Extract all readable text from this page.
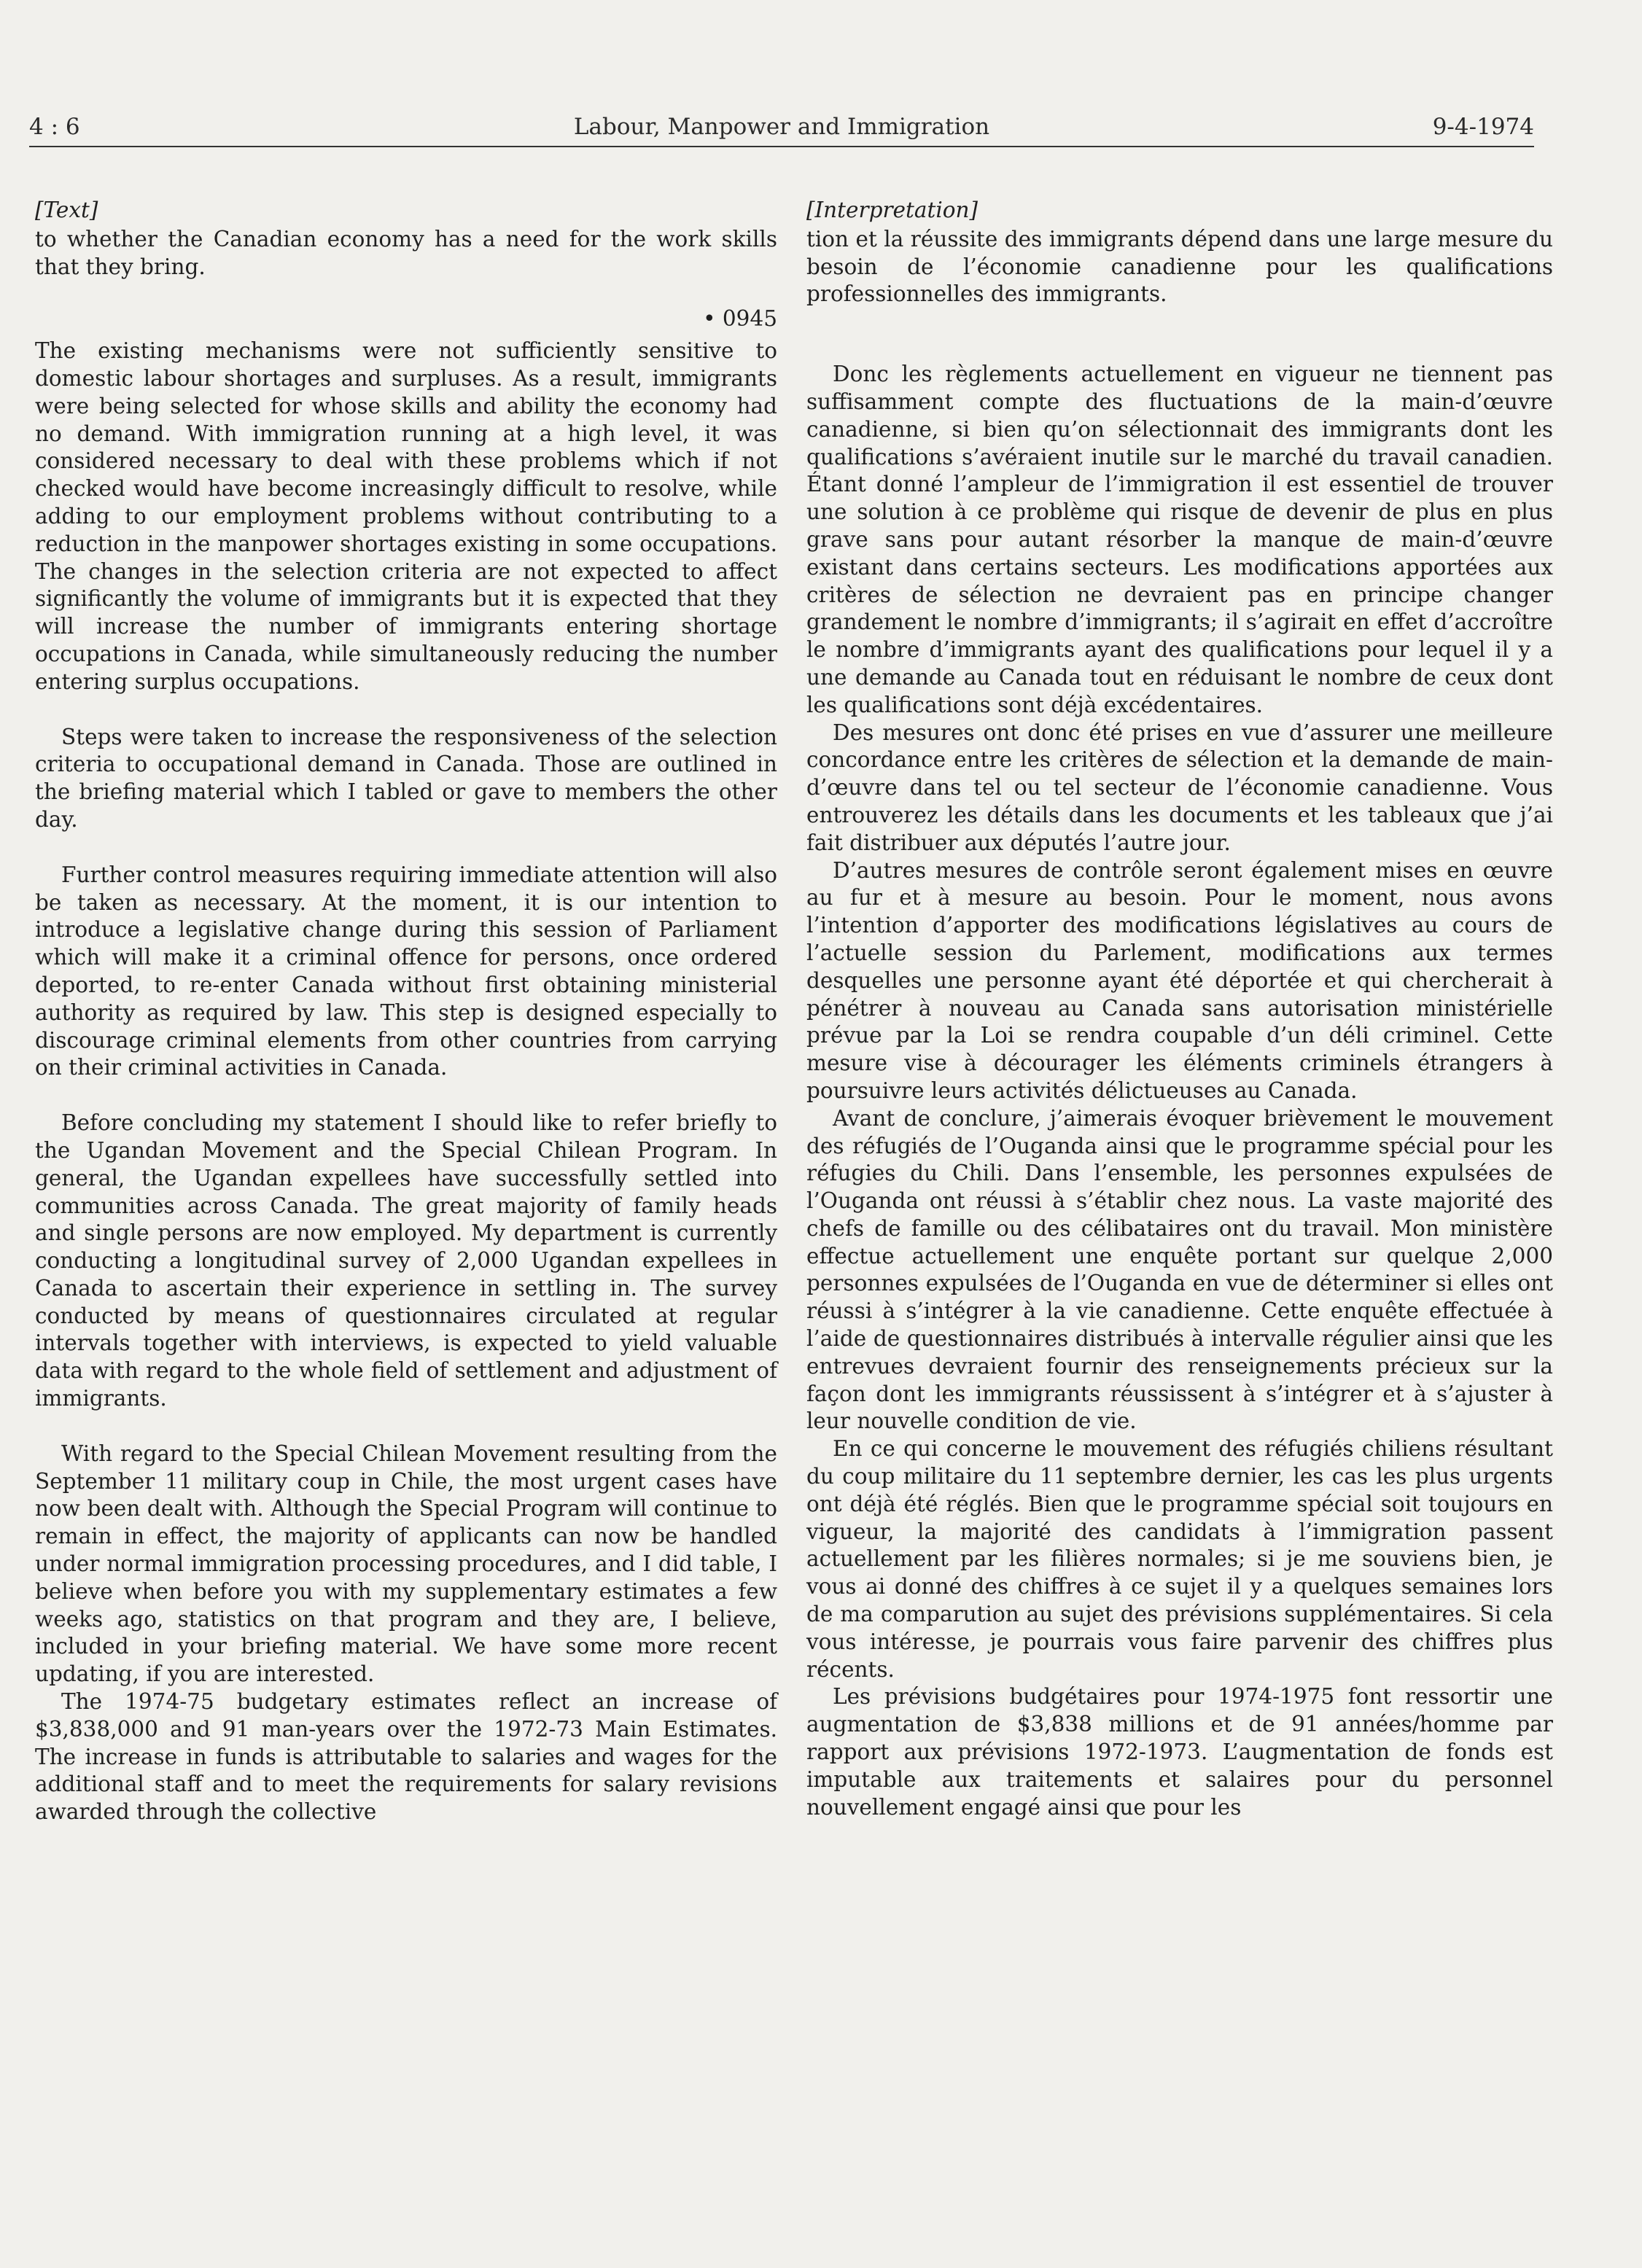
4 : 6	Labour, Manpower and Immigration	9-4-1974
[Text]

to whether the Canadian economy has a need for the work skills that they bring.

• 0945

The existing mechanisms were not sufficiently sensitive to domestic labour shortages and surpluses. As a result, immigrants were being selected for whose skills and ability the economy had no demand. With immigration running at a high level, it was considered necessary to deal with these problems which if not checked would have become increasingly difficult to resolve, while adding to our employment problems without contributing to a reduction in the manpower shortages existing in some occupations. The changes in the selection criteria are not expected to affect significantly the volume of immigrants but it is expected that they will increase the number of immigrants entering shortage occupations in Canada, while simultaneously reducing the number entering surplus occupations.

Steps were taken to increase the responsiveness of the selection criteria to occupational demand in Canada. Those are outlined in the briefing material which I tabled or gave to members the other day.

Further control measures requiring immediate attention will also be taken as necessary. At the moment, it is our intention to introduce a legislative change during this session of Parliament which will make it a criminal offence for persons, once ordered deported, to re-enter Canada without first obtaining ministerial authority as required by law. This step is designed especially to discourage criminal elements from other countries from carrying on their criminal activities in Canada.

Before concluding my statement I should like to refer briefly to the Ugandan Movement and the Special Chilean Program. In general, the Ugandan expellees have successfully settled into communities across Canada. The great majority of family heads and single persons are now employed. My department is currently conducting a longitudinal survey of 2,000 Ugandan expellees in Canada to ascertain their experience in settling in. The survey conducted by means of questionnaires circulated at regular intervals together with interviews, is expected to yield valuable data with regard to the whole field of settlement and adjustment of immigrants.

With regard to the Special Chilean Movement resulting from the September 11 military coup in Chile, the most urgent cases have now been dealt with. Although the Special Program will continue to remain in effect, the majority of applicants can now be handled under normal immigration processing procedures, and I did table, I believe when before you with my supplementary estimates a few weeks ago, statistics on that program and they are, I believe, included in your briefing material. We have some more recent updating, if you are interested.

The 1974-75 budgetary estimates reflect an increase of $3,838,000 and 91 man-years over the 1972-73 Main Estimates. The increase in funds is attributable to salaries and wages for the additional staff and to meet the requirements for salary revisions awarded through the collective

[Interpretation]

tion et la réussite des immigrants dépend dans une large mesure du besoin de l’économie canadienne pour les qualifications professionnelles des immigrants.

Donc les règlements actuellement en vigueur ne tiennent pas suffisamment compte des fluctuations de la main-d’œuvre canadienne, si bien qu’on sélectionnait des immigrants dont les qualifications s’avéraient inutile sur le marché du travail canadien. Étant donné l’ampleur de l’immigration il est essentiel de trouver une solution à ce problème qui risque de devenir de plus en plus grave sans pour autant résorber la manque de main-d’œuvre existant dans certains secteurs. Les modifications apportées aux critères de sélection ne devraient pas en principe changer grandement le nombre d’immigrants; il s’agirait en effet d’accroître le nombre d’immigrants ayant des qualifications pour lequel il y a une demande au Canada tout en réduisant le nombre de ceux dont les qualifications sont déjà excédentaires.

Des mesures ont donc été prises en vue d’assurer une meilleure concordance entre les critères de sélection et la demande de main-d’œuvre dans tel ou tel secteur de l’économie canadienne. Vous entrouverez les détails dans les documents et les tableaux que j’ai fait distribuer aux députés l’autre jour.

D’autres mesures de contrôle seront également mises en œuvre au fur et à mesure au besoin. Pour le moment, nous avons l’intention d’apporter des modifications législatives au cours de l’actuelle session du Parlement, modifications aux termes desquelles une personne ayant été déportée et qui chercherait à pénétrer à nouveau au Canada sans autorisation ministérielle prévue par la Loi se rendra coupable d’un déli criminel. Cette mesure vise à décourager les éléments criminels étrangers à poursuivre leurs activités délictueuses au Canada.

Avant de conclure, j’aimerais évoquer brièvement le mouvement des réfugiés de l’Ouganda ainsi que le programme spécial pour les réfugies du Chili. Dans l’ensemble, les personnes expulsées de l’Ouganda ont réussi à s’établir chez nous. La vaste majorité des chefs de famille ou des célibataires ont du travail. Mon ministère effectue actuellement une enquête portant sur quelque 2,000 personnes expulsées de l’Ouganda en vue de déterminer si elles ont réussi à s’intégrer à la vie canadienne. Cette enquête effectuée à l’aide de questionnaires distribués à intervalle régulier ainsi que les entrevues devraient fournir des renseignements précieux sur la façon dont les immigrants réussissent à s’intégrer et à s’ajuster à leur nouvelle condition de vie.

En ce qui concerne le mouvement des réfugiés chiliens résultant du coup militaire du 11 septembre dernier, les cas les plus urgents ont déjà été réglés. Bien que le programme spécial soit toujours en vigueur, la majorité des candidats à l’immigration passent actuellement par les filières normales; si je me souviens bien, je vous ai donné des chiffres à ce sujet il y a quelques semaines lors de ma comparution au sujet des prévisions supplémentaires. Si cela vous intéresse, je pourrais vous faire parvenir des chiffres plus récents.

Les prévisions budgétaires pour 1974-1975 font ressortir une augmentation de $3,838 millions et de 91 années/homme par rapport aux prévisions 1972-1973. L’augmentation de fonds est imputable aux traitements et salaires pour du personnel nouvellement engagé ainsi que pour les
